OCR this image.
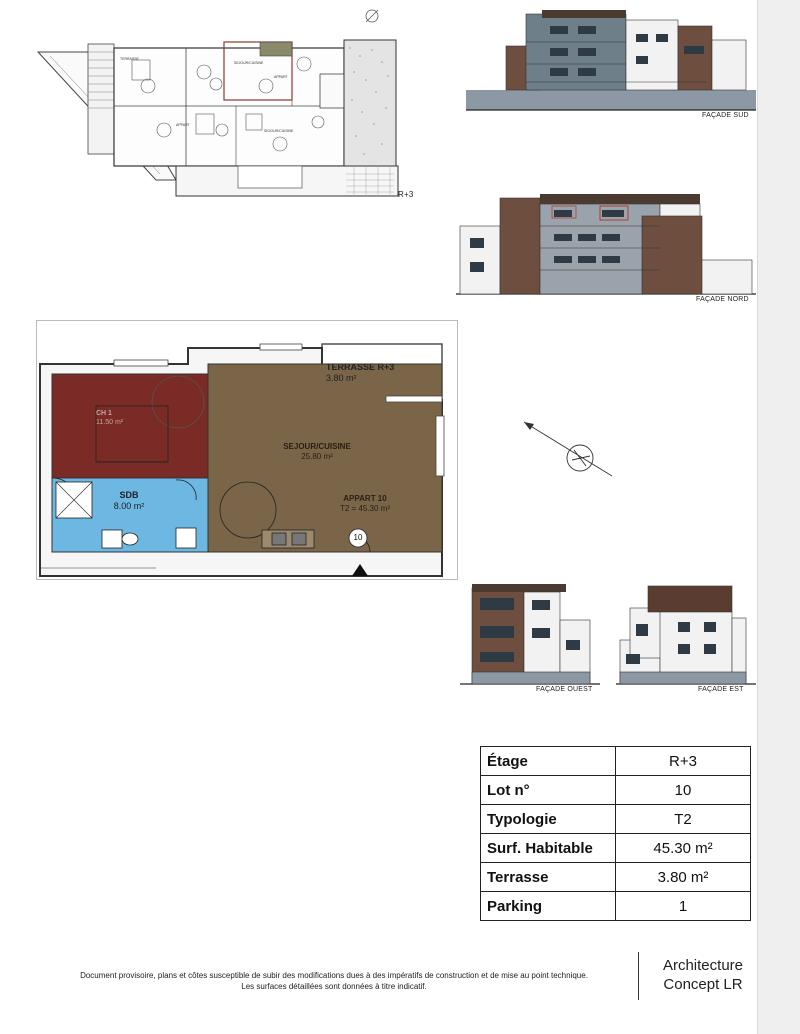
TERRASSE
SEJOUR/CUISINE
APPART
APPART
SEJOUR/CUISINE
R+3
FAÇADE SUD
FAÇADE NORD
TERRASSE R+3
3.80 m²
CH 1
11.50 m²
SDB
8.00 m²
SEJOUR/CUISINE
25.80 m²
APPART 10
T2 = 45.30 m²
10
FAÇADE OUEST	FAÇADE EST
Étage	R+3
Lot n°	10
Typologie	T2
Surf. Habitable	45.30 m²
Terrasse	3.80 m²
Parking	1
Document provisoire, plans et côtes susceptible de subir des modifications dues à des impératifs de construction et de mise au point technique.
Les surfaces détaillées sont données à titre indicatif.
Architecture
Concept LR
